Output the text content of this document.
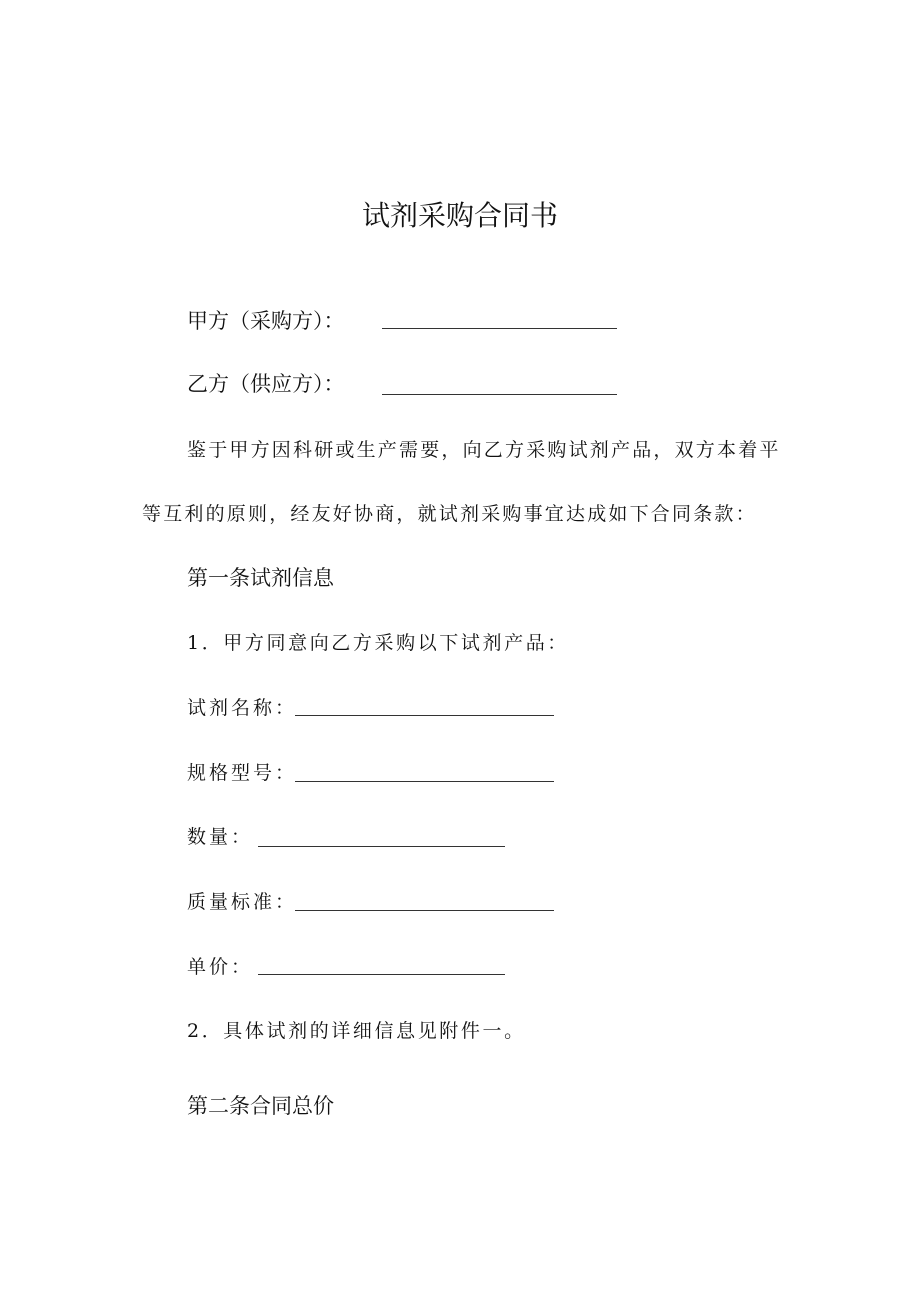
试剂采购合同书
甲方（采购方）：
乙方（供应方）：
鉴于甲方因科研或生产需要，向乙方采购试剂产品，双方本着平
等互利的原则，经友好协商，就试剂采购事宜达成如下合同条款：
第一条试剂信息
1．甲方同意向乙方采购以下试剂产品：
试剂名称：
规格型号：
数量：
质量标准：
单价：
2．具体试剂的详细信息见附件一。
第二条合同总价
